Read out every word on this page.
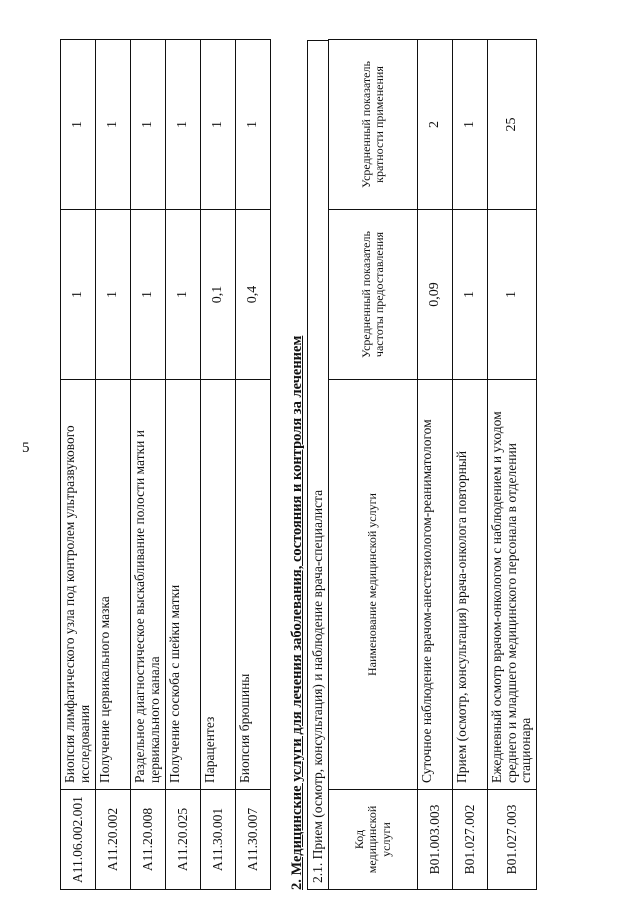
5
A11.06.002.001	Биопсия лимфатического узла под контролем ультразвукового исследования	1	1
A11.20.002	Получение цервикального мазка	1	1
A11.20.008	Раздельное диагностическое выскабливание полости матки и цервикального канала	1	1
A11.20.025	Получение соскоба с шейки матки	1	1
A11.30.001	Парацентез	0,1	1
A11.30.007	Биопсия брюшины	0,4	1
2. Медицинские услуги для лечения заболевания, состояния и контроля за лечением 2.1. Прием (осмотр, консультация) и наблюдение врача-специалиста Код медицинской услуги	Наименование медицинской услуги	Усредненный показатель частоты предоставления	Усредненный показатель кратности применения
B01.003.003	Суточное наблюдение врачом-анестезиологом-реаниматологом	0,09	2
B01.027.002	Прием (осмотр, консультация) врача-онколога повторный	1	1
B01.027.003	Ежедневный осмотр врачом-онкологом с наблюдением и уходом среднего и младшего медицинского персонала в отделении стационара	1	25
